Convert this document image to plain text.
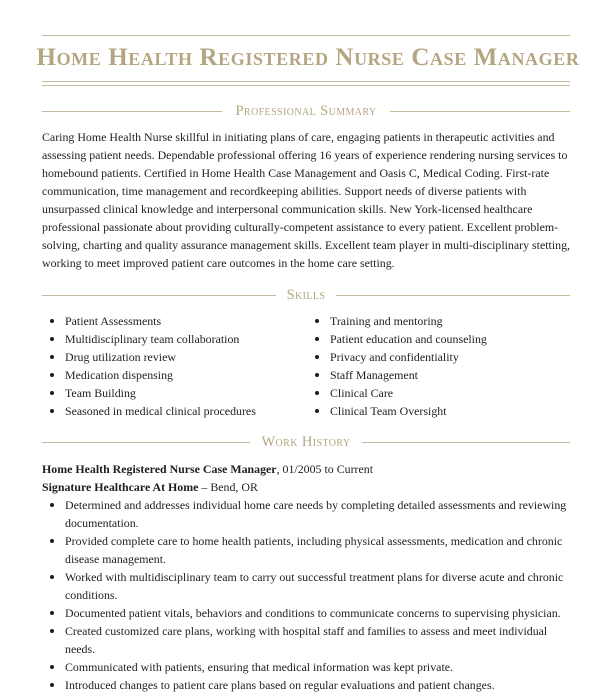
Home Health Registered Nurse Case Manager
Professional Summary

Caring Home Health Nurse skillful in initiating plans of care, engaging patients in therapeutic activities and assessing patient needs. Dependable professional offering 16 years of experience rendering nursing services to homebound patients. Certified in Home Health Case Management and Oasis C, Medical Coding. First-rate communication, time management and recordkeeping abilities. Support needs of diverse patients with unsurpassed clinical knowledge and interpersonal communication skills. New York-licensed healthcare professional passionate about providing culturally-competent assistance to every patient. Excellent problem-solving, charting and quality assurance management skills. Excellent team player in multi-disciplinary stetting, working to meet improved patient care outcomes in the home care setting.

Skills
Patient Assessments
Multidisciplinary team collaboration
Drug utilization review
Medication dispensing
Team Building
Seasoned in medical clinical procedures
Training and mentoring
Patient education and counseling
Privacy and confidentiality
Staff Management
Clinical Care
Clinical Team Oversight
Work History
Home Health Registered Nurse Case Manager, 01/2005 to Current
Signature Healthcare At Home – Bend, OR
Determined and addresses individual home care needs by completing detailed assessments and reviewing documentation.
Provided complete care to home health patients, including physical assessments, medication and chronic disease management.
Worked with multidisciplinary team to carry out successful treatment plans for diverse acute and chronic conditions.
Documented patient vitals, behaviors and conditions to communicate concerns to supervising physician.
Created customized care plans, working with hospital staff and families to assess and meet individual needs.
Communicated with patients, ensuring that medical information was kept private.
Introduced changes to patient care plans based on regular evaluations and patient changes.
